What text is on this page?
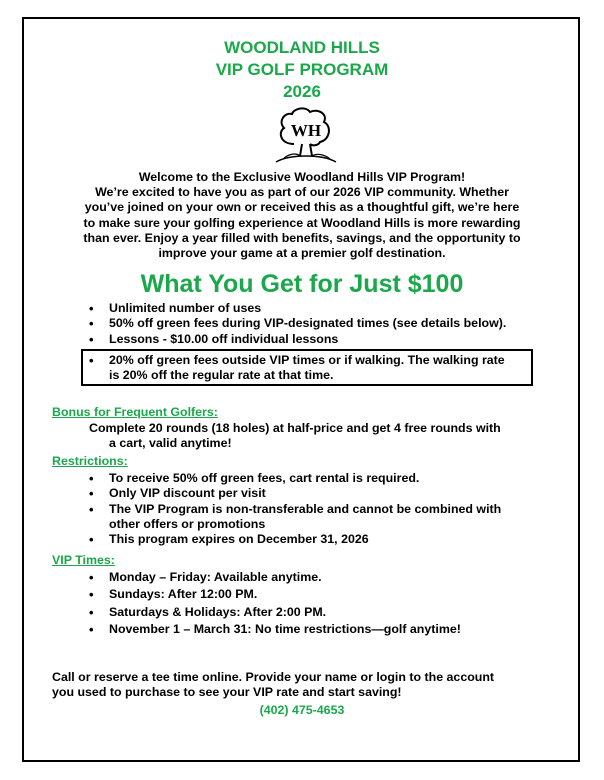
WOODLAND HILLS
VIP GOLF PROGRAM
2026
WH
Welcome to the Exclusive Woodland Hills VIP Program!
We’re excited to have you as part of our 2026 VIP community. Whether
you’ve joined on your own or received this as a thoughtful gift, we’re here
to make sure your golfing experience at Woodland Hills is more rewarding
than ever. Enjoy a year filled with benefits, savings, and the opportunity to
improve your game at a premier golf destination.
What You Get for Just $100
• Unlimited number of uses
• 50% off green fees during VIP-designated times (see details below).
• Lessons - $10.00 off individual lessons
• 20% off green fees outside VIP times or if walking. The walking rate
is 20% off the regular rate at that time.
Bonus for Frequent Golfers:
Complete 20 rounds (18 holes) at half-price and get 4 free rounds with
a cart, valid anytime!
Restrictions:
• To receive 50% off green fees, cart rental is required.
• Only VIP discount per visit
• The VIP Program is non-transferable and cannot be combined with
other offers or promotions
• This program expires on December 31, 2026
VIP Times:
• Monday – Friday: Available anytime.
• Sundays: After 12:00 PM.
• Saturdays & Holidays: After 2:00 PM.
• November 1 – March 31: No time restrictions—golf anytime!
Call or reserve a tee time online. Provide your name or login to the account
you used to purchase to see your VIP rate and start saving!
(402) 475-4653
